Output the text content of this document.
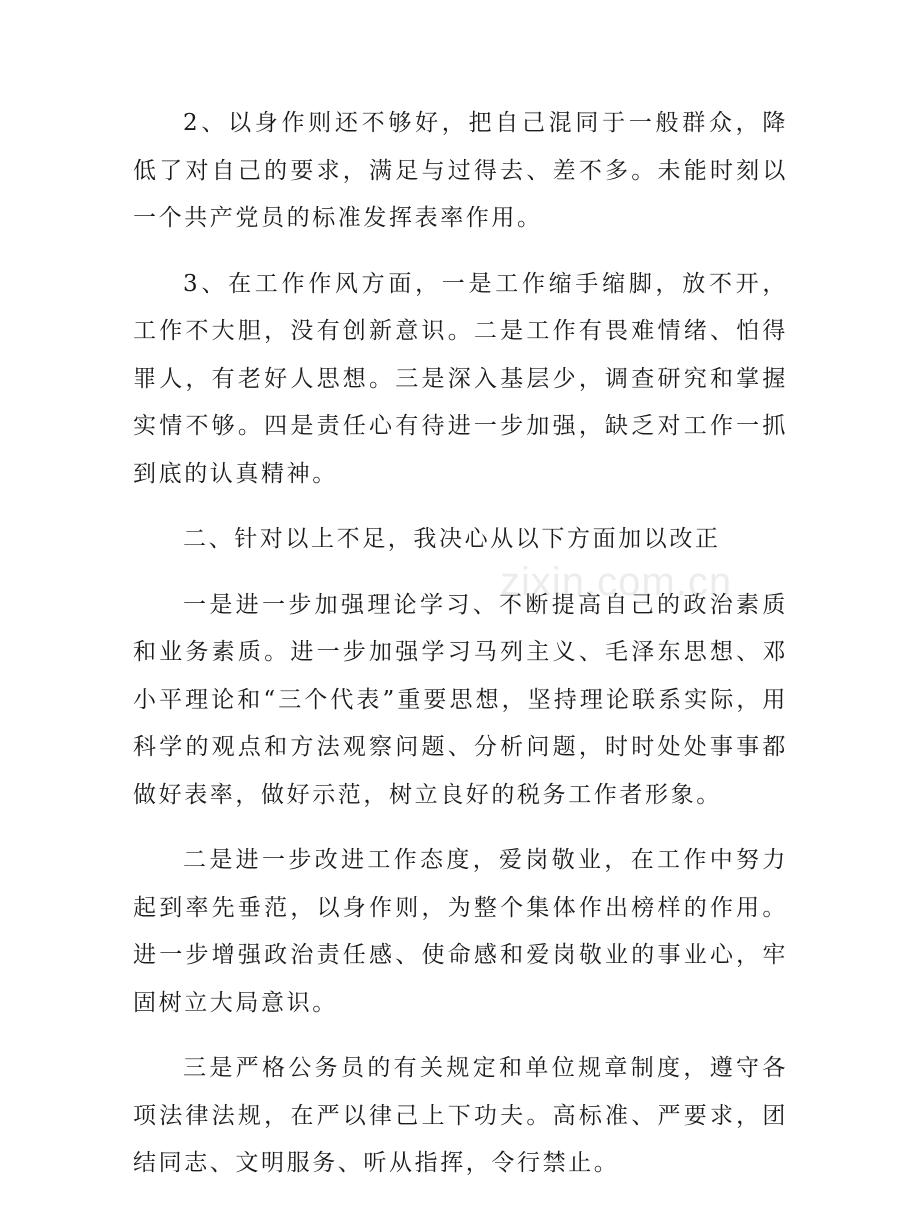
2、以身作则还不够好，把自己混同于一般群众，降低了对自己的要求，满足与过得去、差不多。未能时刻以一个共产党员的标准发挥表率作用。

3、在工作作风方面，一是工作缩手缩脚，放不开，工作不大胆，没有创新意识。二是工作有畏难情绪、怕得罪人，有老好人思想。三是深入基层少，调查研究和掌握实情不够。四是责任心有待进一步加强，缺乏对工作一抓到底的认真精神。

二、针对以上不足，我决心从以下方面加以改正

一是进一步加强理论学习、不断提高自己的政治素质和业务素质。进一步加强学习马列主义、毛泽东思想、邓小平理论和“三个代表”重要思想，坚持理论联系实际，用科学的观点和方法观察问题、分析问题，时时处处事事都做好表率，做好示范，树立良好的税务工作者形象。

二是进一步改进工作态度，爱岗敬业，在工作中努力起到率先垂范，以身作则，为整个集体作出榜样的作用。进一步增强政治责任感、使命感和爱岗敬业的事业心，牢固树立大局意识。

三是严格公务员的有关规定和单位规章制度，遵守各项法律法规，在严以律己上下功夫。高标准、严要求，团结同志、文明服务、听从指挥，令行禁止。

zixin.com.cn
